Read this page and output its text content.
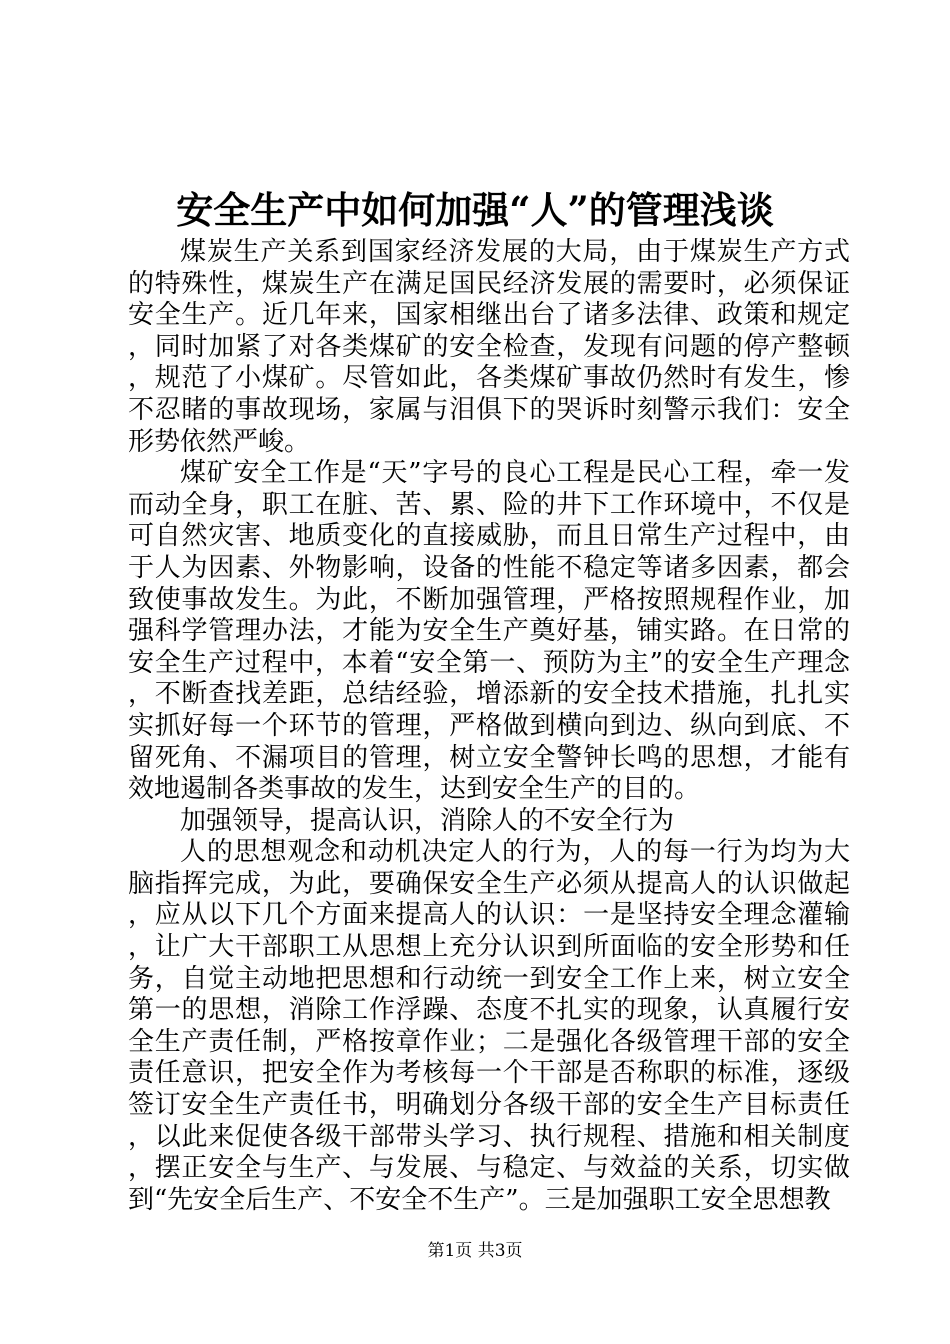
安全生产中如何加强“人”的管理浅谈

煤炭生产关系到国家经济发展的大局，由于煤炭生产方式的特殊性，煤炭生产在满足国民经济发展的需要时，必须保证安全生产。近几年来，国家相继出台了诸多法律、政策和规定，同时加紧了对各类煤矿的安全检查，发现有问题的停产整顿，规范了小煤矿。尽管如此，各类煤矿事故仍然时有发生，惨不忍睹的事故现场，家属与泪俱下的哭诉时刻警示我们：安全形势依然严峻。

煤矿安全工作是“天”字号的良心工程是民心工程，牵一发而动全身，职工在脏、苦、累、险的井下工作环境中，不仅是可自然灾害、地质变化的直接威胁，而且日常生产过程中，由于人为因素、外物影响，设备的性能不稳定等诸多因素，都会致使事故发生。为此，不断加强管理，严格按照规程作业，加强科学管理办法，才能为安全生产奠好基，铺实路。在日常的安全生产过程中，本着“安全第一、预防为主”的安全生产理念，不断查找差距，总结经验，增添新的安全技术措施，扎扎实实抓好每一个环节的管理，严格做到横向到边、纵向到底、不留死角、不漏项目的管理，树立安全警钟长鸣的思想，才能有效地遏制各类事故的发生，达到安全生产的目的。

加强领导，提高认识，消除人的不安全行为

人的思想观念和动机决定人的行为，人的每一行为均为大脑指挥完成，为此，要确保安全生产必须从提高人的认识做起，应从以下几个方面来提高人的认识：一是坚持安全理念灌输，让广大干部职工从思想上充分认识到所面临的安全形势和任务，自觉主动地把思想和行动统一到安全工作上来，树立安全第一的思想，消除工作浮躁、态度不扎实的现象，认真履行安全生产责任制，严格按章作业；二是强化各级管理干部的安全责任意识，把安全作为考核每一个干部是否称职的标准，逐级签订安全生产责任书，明确划分各级干部的安全生产目标责任，以此来促使各级干部带头学习、执行规程、措施和相关制度，摆正安全与生产、与发展、与稳定、与效益的关系，切实做到“先安全后生产、不安全不生产”。三是加强职工安全思想教

第1页 共3页
